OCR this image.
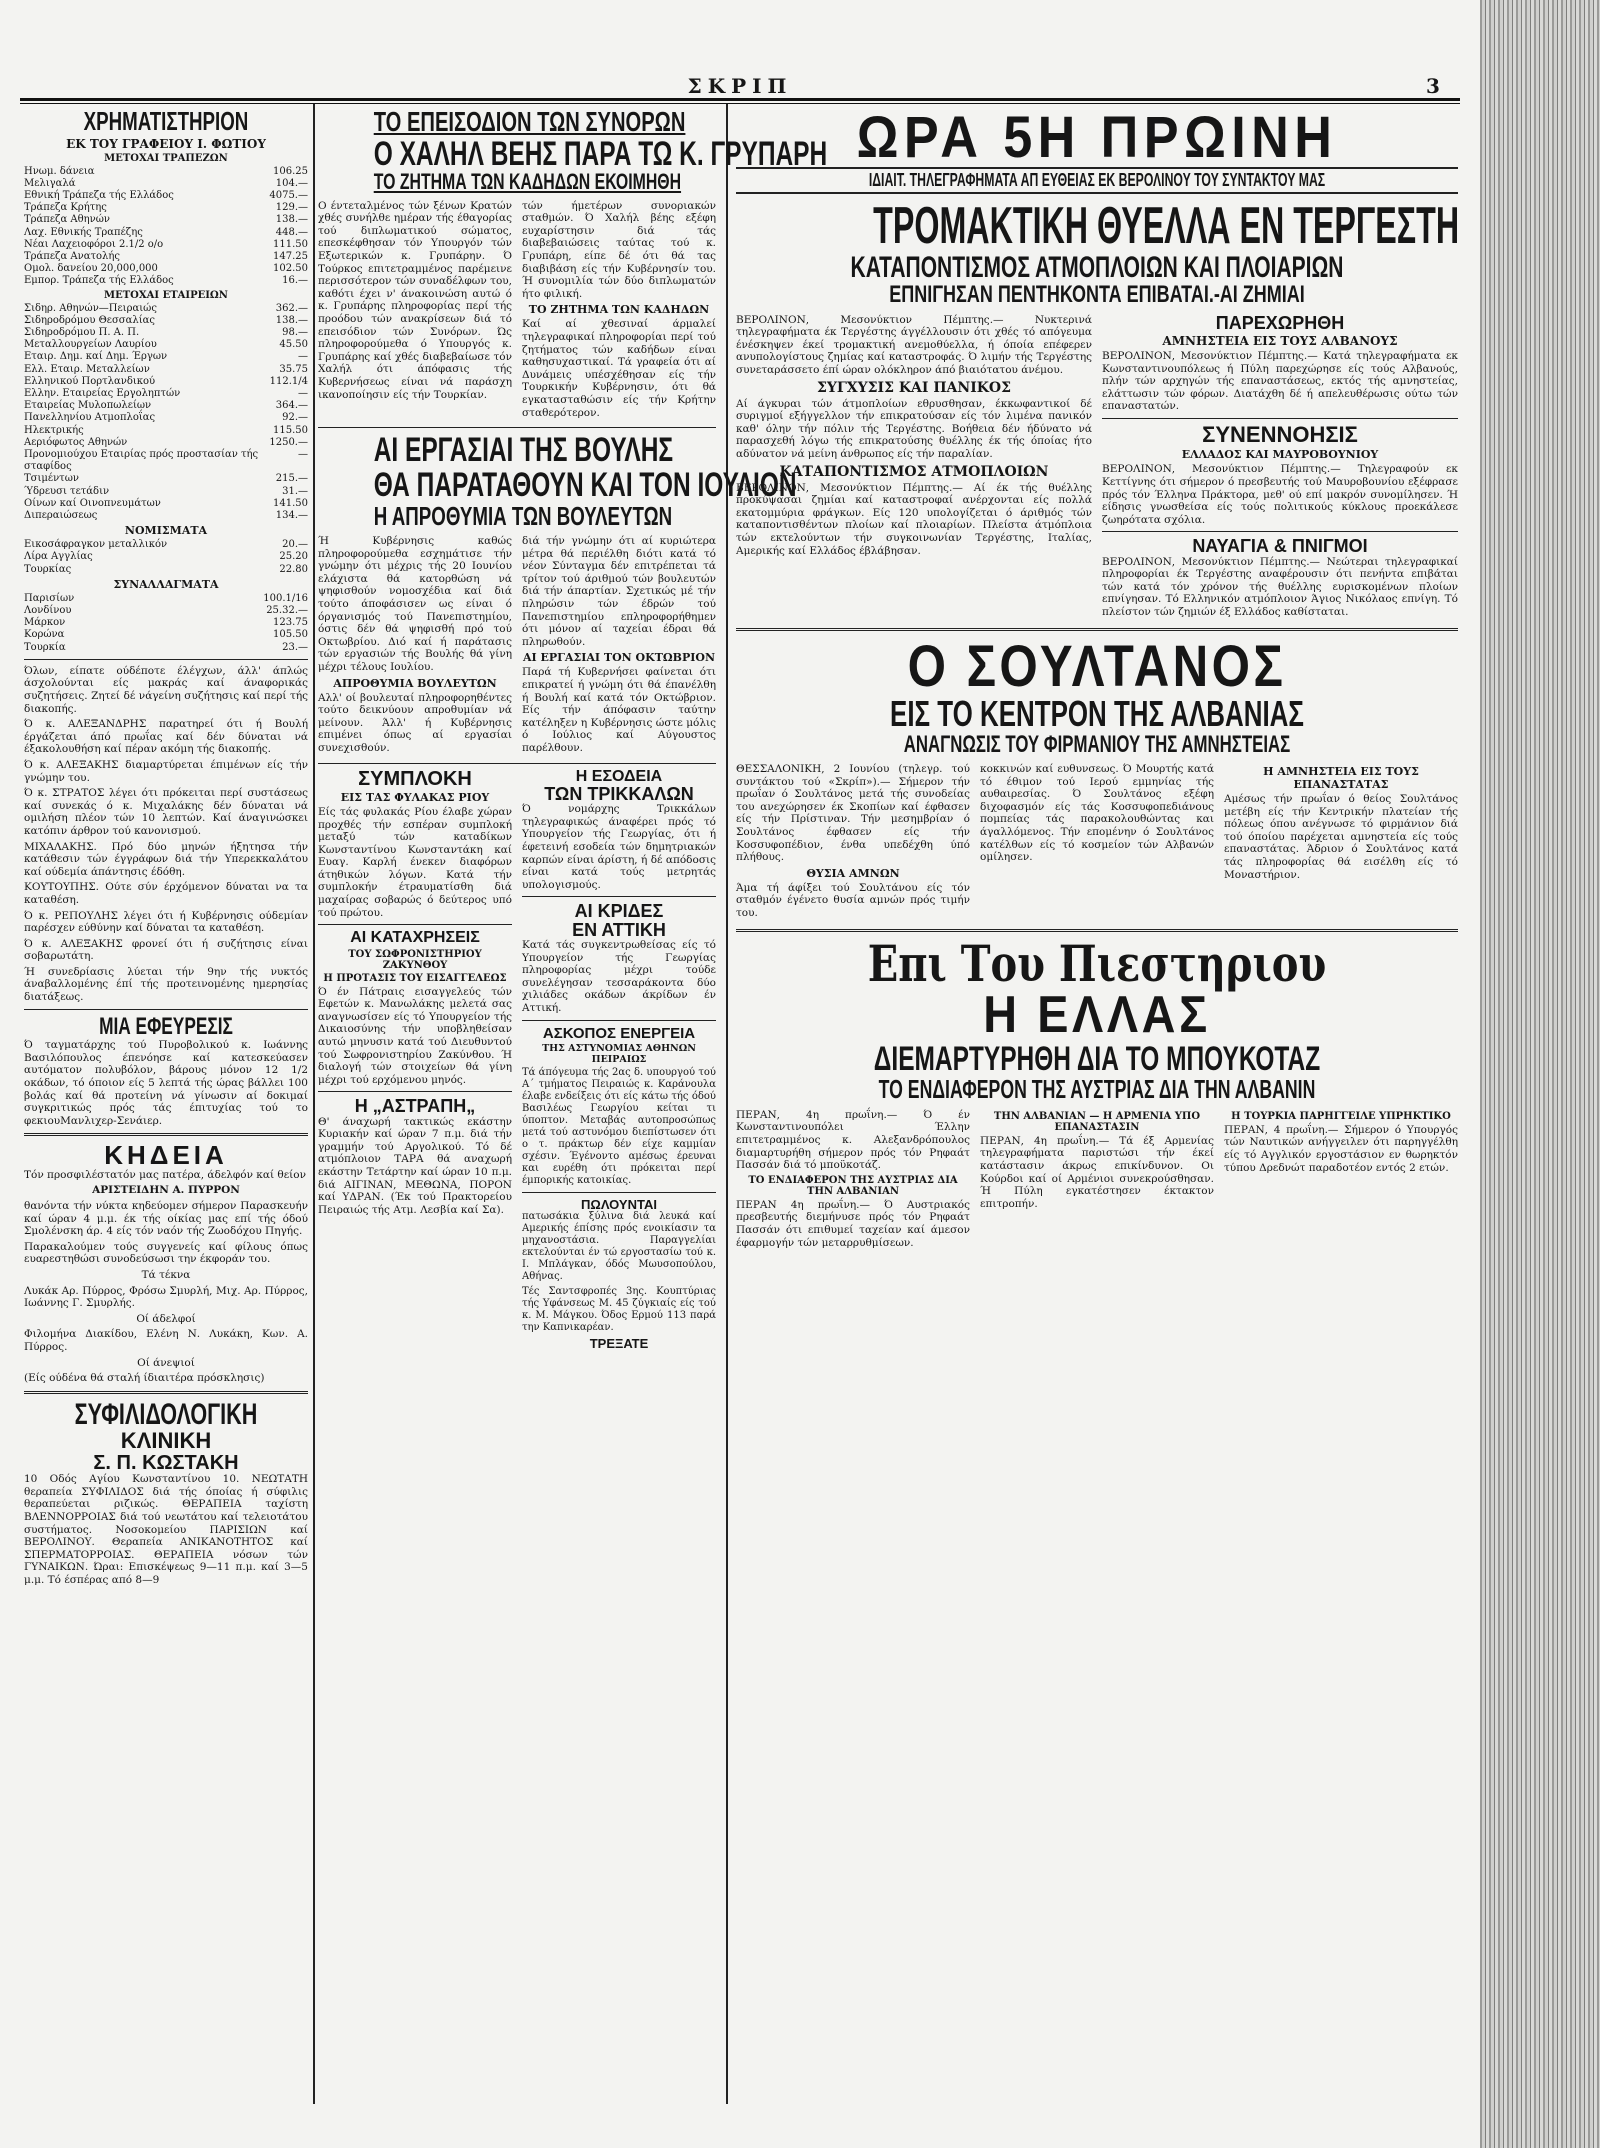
ΣΚΡΙΠ	3
ΧΡΗΜΑΤΙΣΤΗΡΙΟΝ
ΕΚ ΤΟΥ ΓΡΑΦΕΙΟΥ Ι. ΦΩΤΙΟΥ
ΜΕΤΟΧΑΙ ΤΡΑΠΕΖΩΝ
Ηνωμ. δάνεια	106.25
Μελιγαλά	104.—
Εθνική Τράπεζα τής Ελλάδος	4075.—
Τράπεζα Κρήτης	129.—
Τράπεζα Αθηνών	138.—
Λαχ. Εθνικής Τραπέζης	448.—
Νέαι Λαχειοφόροι 2.1/2 ο/ο	111.50
Τράπεζα Ανατολής	147.25
Ομολ. δανείου 20,000,000	102.50
Εμπορ. Τράπεζα τής Ελλάδος	16.—
ΜΕΤΟΧΑΙ ΕΤΑΙΡΕΙΩΝ
Σιδηρ. Αθηνών—Πειραιώς	362.—
Σιδηροδρόμου Θεσσαλίας	138.—
Σιδηροδρόμου Π. Α. Π.	98.—
Μεταλλουργείων Λαυρίου	45.50
Εταιρ. Δημ. καί Δημ. Έργων	—
Ελλ. Εταιρ. Μεταλλείων	35.75
Ελληνικού Πορτλανδικού	112.1/4
Ελλην. Εταιρείας Εργοληπτών	—
Εταιρείας Μυλοπωλείων	364.—
Πανελληνίου Ατμοπλοΐας	92.—
Ηλεκτρικής	115.50
Αεριόφωτος Αθηνών	1250.—
Προνομιούχου Εταιρίας πρός προστασίαν τής σταφίδος
—
Τσιμέντων	215.—
Ύδρευσι τετάδιν	31.—
Οίνων καί Οινοπνευμάτων	141.50
Διπεραιώσεως	134.—
ΝΟΜΙΣΜΑΤΑ
Εικοσάφραγκον μεταλλικόν	20.—
Λίρα Αγγλίας	25.20
Τουρκίας	22.80
ΣΥΝΑΛΛΑΓΜΑΤΑ
Παρισίων	100.1/16
Λονδίνου	25.32.—
Μάρκον	123.75
Κορώνα	105.50
Τουρκία	23.—

Όλων, είπατε ούδέποτε έλέγχων, άλλ' άπλώς άσχολούνται είς μακράς καί άναφορικάς συζητήσεις. Ζητεί δέ νάγείνη συζήτησις καί περί τής διακοπής.

Ό κ. ΑΛΕΞΑΝΔΡΗΣ παρατηρεί ότι ή Βουλή έργάζεται άπό πρωΐας καί δέν δύναται νά έξακολουθήση καί πέραν ακόμη τής διακοπής.

Ό κ. ΑΛΕΞΑΚΗΣ διαμαρτύρεται έπιμένων είς τήν γνώμην του.

Ό κ. ΣΤΡΑΤΟΣ λέγει ότι πρόκειται περί συστάσεως καί συνεκάς ό κ. Μιχαλάκης δέν δύναται νά ομιλήση πλέον τών 10 λεπτών. Καί άναγινώσκει κατόπιν άρθρον τού κανονισμού.

ΜΙΧΑΛΑΚΗΣ. Πρό δύο μηνών ήξητησα τήν κατάθεσιν τών έγγράφων διά τήν Υπερεκκαλάτου καί ούδεμία άπάντησις έδόθη.

ΚΟΥΤΟΥΠΗΣ. Ούτε σύν έρχόμενον δύναται να τα καταθέση.

Ό κ. ΡΕΠΟΥΛΗΣ λέγει ότι ή Κυβέρνησις ούδεμίαν παρέσχεν εύθύνην καί δύναται τα καταθέση.

Ό κ. ΑΛΕΞΑΚΗΣ φρονεί ότι ή συζήτησις είναι σοβαρωτάτη.

Ή συνεδρίασις λύεται τήν 9ην τής νυκτός άναβαλλομένης έπί τής προτεινομένης ημερησίας διατάξεως.

ΜΙΑ ΕΦΕΥΡΕΣΙΣ

Ό ταγματάρχης τού Πυροβολικού κ. Ιωάννης Βασιλόπουλος έπενόησε καί κατεσκεύασεν αυτόματον πολυβόλον, βάρους μόνον 12 1/2 οκάδων, τό όποιον είς 5 λεπτά τής ώρας βάλλει 100 βολάς καί θά προτείνη νά γίνωσιν αί δοκιμαί συγκριτικώς πρός τάς έπιτυχίας τού το φεκιουΜανλιχερ-Σενάιερ.

ΚΗΔΕΙΑ

Τόν προσφιλέστατόν μας πατέρα, άδελφόν καί θείον

ΑΡΙΣΤΕΙΔΗΝ Α. ΠΥΡΡΟΝ

θανόντα τήν νύκτα κηδεύομεν σήμερον Παρασκευήν καί ώραν 4 μ.μ. έκ τής οίκίας μας επί τής όδού Σμολένσκη άρ. 4 είς τόν ναόν τής Ζωοδόχου Πηγής.

Παρακαλούμεν τούς συγγενείς καί φίλους όπως ευαρεστηθώσι συνοδεύσωσι την έκφοράν του.

Τά τέκνα

Λυκάκ Αρ. Πύρρος, Φρόσω Σμυρλή, Μιχ. Αρ. Πύρρος, Ιωάννης Γ. Σμυρλής.

Οί άδελφοί

Φιλομήνα Διακίδου, Ελένη Ν. Λυκάκη, Κων. Α. Πύρρος.

Οί άνεψιοί

(Είς ούδένα θά σταλή ίδιαιτέρα πρόσκλησις)

ΣΥΦΙΛΙΔΟΛΟΓΙΚΗ
ΚΛΙΝΙΚΗ
Σ. Π. ΚΩΣΤΑΚΗ

10 Οδός Αγίου Κωνσταντίνου 10. ΝΕΩΤΑΤΗ θεραπεία ΣΥΦΙΛΙΔΟΣ διά τής όποίας ή σύφιλις θεραπεύεται ριζικώς. ΘΕΡΑΠΕΙΑ ταχίστη ΒΛΕΝΝΟΡΡΟΙΑΣ διά τού νεωτάτου καί τελειοτάτου συστήματος. Νοσοκομείου ΠΑΡΙΣΙΩΝ καί ΒΕΡΟΛΙΝΟΥ. Θεραπεία ΑΝΙΚΑΝΟΤΗΤΟΣ καί ΣΠΕΡΜΑΤΟΡΡΟΙΑΣ. ΘΕΡΑΠΕΙΑ νόσων τών ΓΥΝΑΙΚΩΝ. Ώραι: Επισκέψεως 9—11 π.μ. καί 3—5 μ.μ. Τό έσπέρας από 8—9

ΤΟ ΕΠΕΙΣΟΔΙΟΝ ΤΩΝ ΣΥΝΟΡΩΝ
Ο ΧΑΛΗΛ ΒΕΗΣ ΠΑΡΑ ΤΩ Κ. ΓΡΥΠΑΡΗ
ΤΟ ΖΗΤΗΜΑ ΤΩΝ ΚΑΔΗΔΩΝ ΕΚΟΙΜΗΘΗ

Ο έντεταλμένος τών ξένων Κρατών χθές συνήλθε ημέραν τής έθαγορίας τού διπλωματικού σώματος, επεσκέφθησαν τόν Υπουργόν τών Εξωτερικών κ. Γρυπάρην. Ό Τούρκος επιτετραμμένος παρέμεινε περισσότερον τών συναδέλφων του, καθότι έχει ν' άνακοινώση αυτώ ό κ. Γρυπάρης πληροφορίας περί τής προόδου τών ανακρίσεων διά τό επεισόδιον τών Συνόρων. Ώς πληροφορούμεθα ό Υπουργός κ. Γρυπάρης καί χθές διαβεβαίωσε τόν Χαλήλ ότι άπόφασις τής Κυβερνήσεως είναι νά παράσχη ικανοποίησιν είς τήν Τουρκίαν.

τών ήμετέρων συνοριακών σταθμών. Ό Χαλήλ βέης εξέφη ευχαρίστησιν διά τάς διαβεβαιώσεις ταύτας τού κ. Γρυπάρη, είπε δέ ότι θά τας διαβιβάση είς τήν Κυβέρνησίν του. Ή συνομιλία τών δύο διπλωματών ήτο φιλική.

ΤΟ ΖΗΤΗΜΑ ΤΩΝ ΚΑΔΗΔΩΝ

Καί αί χθεσιναί άρμαλεί τηλεγραφικαί πληροφορίαι περί τού ζητήματος τών καδήδων είναι καθησυχαστικαί. Τά γραφεία ότι αί Δυνάμεις υπέσχέθησαν είς τήν Τουρκικήν Κυβέρνησιν, ότι θά εγκατασταθώσιν είς τήν Κρήτην σταθερότερον.

ΑΙ ΕΡΓΑΣΙΑΙ ΤΗΣ ΒΟΥΛΗΣ
ΘΑ ΠΑΡΑΤΑΘΟΥΝ ΚΑΙ ΤΟΝ ΙΟΥΛΙΟΝ
Η ΑΠΡΟΘΥΜΙΑ ΤΩΝ ΒΟΥΛΕΥΤΩΝ

Ή Κυβέρνησις καθώς πληροφορούμεθα εσχημάτισε τήν γνώμην ότι μέχρις τής 20 Ιουνίου ελάχιστα θά κατορθώση νά ψηφισθούν νομοσχέδια καί διά τούτο άποφάσισεν ως είναι ό όργανισμός τού Πανεπιστημίου, όστις δέν θά ψηφισθή πρό τού Οκτωβρίου. Διό καί ή παράτασις τών εργασιών τής Βουλής θά γίνη μέχρι τέλους Ιουλίου.

ΑΠΡΟΘΥΜΙΑ ΒΟΥΛΕΥΤΩΝ

Αλλ' οί βουλευταί πληροφορηθέντες τούτο δεικνύουν απροθυμίαν νά μείνουν. Άλλ' ή Κυβέρνησις επιμένει όπως αί εργασίαι συνεχισθούν.

διά τήν γνώμην ότι αί κυριώτερα μέτρα θά περιέλθη διότι κατά τό νέον Σύνταγμα δέν επιτρέπεται τά τρίτον τού άριθμού τών βουλευτών διά τήν άπαρτίαν. Σχετικώς μέ τήν πληρώσιν τών έδρών τού Πανεπιστημίου επληροφορήθημεν ότι μόνον αί ταχείαι έδραι θά πληρωθούν.

ΑΙ ΕΡΓΑΣΙΑΙ ΤΟΝ ΟΚΤΩΒΡΙΟΝ

Παρά τή Κυβερνήσει φαίνεται ότι επικρατεί ή γνώμη ότι θά έπανέλθη ή Βουλή καί κατά τόν Οκτώβριον. Είς τήν άπόφασιν ταύτην κατέληξεν η Κυβέρνησις ώστε μόλις ό Ιούλιος καί Αύγουστος παρέλθουν.

ΣΥΜΠΛΟΚΗ
ΕΙΣ ΤΑΣ ΦΥΛΑΚΑΣ ΡΙΟΥ

Είς τάς φυλακάς Ρίου έλαβε χώραν προχθές τήν εσπέραν συμπλοκή μεταξύ τών καταδίκων Κωνσταντίνου Κωνσταντάκη καί Ευαγ. Καρλή ένεκεν διαφόρων άτηθικών λόγων. Κατά τήν συμπλοκήν έτραυματίσθη διά μαχαίρας σοβαρώς ό δεύτερος υπό τού πρώτου.

ΑΙ ΚΑΤΑΧΡΗΣΕΙΣ
ΤΟΥ ΣΩΦΡΟΝΙΣΤΗΡΙΟΥ ΖΑΚΥΝΘΟΥ
Η ΠΡΟΤΑΣΙΣ ΤΟΥ ΕΙΣΑΓΓΕΛΕΩΣ

Ό έν Πάτραις εισαγγελεύς τών Εφετών κ. Μανωλάκης μελετά σας αναγνωσίσεν είς τό Υπουργείον τής Δικαιοσύνης τήν υποβληθείσαν αυτώ μηνυσιν κατά τού Διευθυντού τού Σωφρονιστηρίου Ζακύνθου. Ή διαλογή τών στοιχείων θά γίνη μέχρι τού ερχόμενου μηνός.

Η „ΑΣΤΡΑΠΗ„

Θ' άναχωρή τακτικώς εκάστην Κυριακήν καί ώραν 7 π.μ. διά τήν γραμμήν τού Αργολικού. Τό δέ ατμόπλοιον ΤΑΡΑ θά αναχωρή εκάστην Τετάρτην καί ώραν 10 π.μ. διά ΑΙΓΙΝΑΝ, ΜΕΘΩΝΑ, ΠΟΡΟΝ καί ΥΔΡΑΝ. (Έκ τού Πρακτορείου Πειραιώς τής Ατμ. Λεσβία καί Σα).

Η ΕΣΟΔΕΙΑ
ΤΩΝ ΤΡΙΚΚΑΛΩΝ

Ό νομάρχης Τρικκάλων τηλεγραφικώς άναφέρει πρός τό Υπουργείον τής Γεωργίας, ότι ή έφετεινή εσοδεία τών δημητριακών καρπών είναι άρίστη, ή δέ απόδοσις είναι κατά τούς μετρητάς υπολογισμούς.

ΑΙ ΚΡΙΔΕΣ
ΕΝ ΑΤΤΙΚΗ

Κατά τάς συγκεντρωθείσας είς τό Υπουργείον τής Γεωργίας πληροφορίας μέχρι τούδε συνελέγησαν τεσσαράκοντα δύο χιλιάδες οκάδων άκρίδων έν Αττική.

ΑΣΚΟΠΟΣ ΕΝΕΡΓΕΙΑ
ΤΗΣ ΑΣΤΥΝΟΜΙΑΣ ΑΘΗΝΩΝ ΠΕΙΡΑΙΩΣ

Τά άπόγευμα τής 2ας δ. υπουργού τού Α΄ τμήματος Πειραιώς κ. Καράνουλα έλαβε ενδείξεις ότι είς κάτω τής όδού Βασιλέως Γεωργίου κείται τι ύποπτον. Μεταβάς αυτοπροσώπως μετά τού αστυνόμου διεπίστωσεν ότι ο τ. πράκτωρ δέν είχε καμμίαν σχέσιν. Έγένοντο αμέσως έρευναι και ευρέθη ότι πρόκειται περί έμπορικής κατοικίας.

ΠΩΛΟΥΝΤΑΙ

πατωσάκια ξύλινα διά λευκά καί Αμερικής έπίσης πρός ενοικίασιν τα μηχανοστάσια. Παραγγελίαι εκτελούνται έν τώ εργοστασίω τού κ. Ι. Μπλάγκαν, όδός Μωυσοπούλου, Αθήνας.

Τές Σαντσφροπές 3ης. Κουπτύριας τής Υφάνσεως Μ. 45 ζύγκιαίς είς τού κ. Μ. Μάγκου. Όδος Ερμού 113 παρά την Καπνικαρέαν.

ΤΡΕΞΑΤΕ
ΩΡΑ 5Η ΠΡΩΙΝΗ
ΙΔΙΑΙΤ. ΤΗΛΕΓΡΑΦΗΜΑΤΑ ΑΠ ΕΥΘΕΙΑΣ ΕΚ ΒΕΡΟΛΙΝΟΥ ΤΟΥ ΣΥΝΤΑΚΤΟΥ ΜΑΣ
ΤΡΟΜΑΚΤΙΚΗ ΘΥΕΛΛΑ ΕΝ ΤΕΡΓΕΣΤΗ
ΚΑΤΑΠΟΝΤΙΣΜΟΣ ΑΤΜΟΠΛΟΙΩΝ ΚΑΙ ΠΛΟΙΑΡΙΩΝ
ΕΠΝΙΓΗΣΑΝ ΠΕΝΤΗΚΟΝΤΑ ΕΠΙΒΑΤΑΙ.-ΑΙ ΖΗΜΙΑΙ

ΒΕΡΟΛΙΝΟΝ, Μεσονύκτιον Πέμπτης.— Νυκτερινά τηλεγραφήματα έκ Τεργέστης άγγέλλουσιν ότι χθές τό απόγευμα ένέσκηψεν έκεί τρομακτική ανεμοθύελλα, ή όποία επέφερεν ανυπολογίστους ζημίας καί καταστροφάς. Ό λιμήν τής Τεργέστης συνεταράσσετο έπί ώραν ολόκληρον άπό βιαιότατου άνέμου.

ΣΥΓΧΥΣΙΣ ΚΑΙ ΠΑΝΙΚΟΣ

Αί άγκυραι τών άτμοπλοίων εθρυσθησαν, έκκωφαντικοί δέ συριγμοί εξήγγελλον τήν επικρατούσαν είς τόν λιμένα πανικόν καθ' όλην τήν πόλιν τής Τεργέστης. Βοήθεια δέν ήδύνατο νά παρασχεθή λόγω τής επικρατούσης θυέλλης έκ τής όποίας ήτο αδύνατον νά μείνη άνθρωπος είς τήν παραλίαν.

ΚΑΤΑΠΟΝΤΙΣΜΟΣ ΑΤΜΟΠΛΟΙΩΝ

ΒΕΡΟΛΙΝΟΝ, Μεσονύκτιον Πέμπτης.— Αί έκ τής θυέλλης προκύψασαι ζημίαι καί καταστροφαί ανέρχονται είς πολλά εκατομμύρια φράγκων. Είς 120 υπολογίζεται ό άριθμός τών καταποντισθέντων πλοίων καί πλοιαρίων. Πλείστα άτμόπλοια τών εκτελούντων τήν συγκοινωνίαν Τεργέστης, Ιταλίας, Αμερικής καί Ελλάδος έβλάβησαν.

ΠΑΡΕΧΩΡΗΘΗ
ΑΜΝΗΣΤΕΙΑ ΕΙΣ ΤΟΥΣ ΑΛΒΑΝΟΥΣ

ΒΕΡΟΛΙΝΟΝ, Μεσονύκτιον Πέμπτης.— Κατά τηλεγραφήματα εκ Κωνσταντινουπόλεως ή Πύλη παρεχώρησε είς τούς Αλβανούς, πλήν τών αρχηγών τής επαναστάσεως, εκτός τής αμνηστείας, ελάττωσιν τών φόρων. Διατάχθη δέ ή απελευθέρωσις ούτω τών επαναστατών.

ΣΥΝΕΝΝΟΗΣΙΣ
ΕΛΛΑΔΟΣ ΚΑΙ ΜΑΥΡΟΒΟΥΝΙΟΥ

ΒΕΡΟΛΙΝΟΝ, Μεσονύκτιον Πέμπτης.— Τηλεγραφούν εκ Κεττίγνης ότι σήμερον ό πρεσβευτής τού Μαυροβουνίου εξέφρασε πρός τόν Έλληνα Πράκτορα, μεθ' ού επί μακρόν συνομίλησεν. Ή είδησις γνωσθείσα είς τούς πολιτικούς κύκλους προεκάλεσε ζωηρότατα σχόλια.

ΝΑΥΑΓΙΑ & ΠΝΙΓΜΟΙ

ΒΕΡΟΛΙΝΟΝ, Μεσονύκτιον Πέμπτης.— Νεώτεραι τηλεγραφικαί πληροφορίαι έκ Τεργέστης αναφέρουσιν ότι πενήντα επιβάται τών κατά τόν χρόνον τής θυέλλης ευρισκομένων πλοίων επνίγησαν. Τό Ελληνικόν ατμόπλοιον Άγιος Νικόλαος επνίγη. Τό πλείστον τών ζημιών έξ Ελλάδος καθίσταται.

Ο ΣΟΥΛΤΑΝΟΣ
ΕΙΣ ΤΟ ΚΕΝΤΡΟΝ ΤΗΣ ΑΛΒΑΝΙΑΣ
ΑΝΑΓΝΩΣΙΣ ΤΟΥ ΦΙΡΜΑΝΙΟΥ ΤΗΣ ΑΜΝΗΣΤΕΙΑΣ

ΘΕΣΣΑΛΟΝΙΚΗ, 2 Ιουνίου (τηλεγρ. τού συντάκτου τού «Σκρίπ»).— Σήμερον τήν πρωΐαν ό Σουλτάνος μετά τής συνοδείας του ανεχώρησεν έκ Σκοπίων καί έφθασεν είς τήν Πρίστιναν. Τήν μεσημβρίαν ό Σουλτάνος έφθασεν είς τήν Κοσσυφοπέδιον, ένθα υπεδέχθη ύπό πλήθους.

ΘΥΣΙΑ ΑΜΝΩΝ

Άμα τή άφίξει τού Σουλτάνου είς τόν σταθμόν έγένετο θυσία αμνών πρός τιμήν του.

κοκκινών καί ευθυνσεως. Ό Μουρτής κατά τό έθιμον τού Ιερού εμμηνίας τής αυθαιρεσίας. Ό Σουλτάνος εξέφη διχοφασμόν είς τάς Κοσσυφοπεδιάνους πομπείας τάς παρακολουθώντας και άγαλλόμενος. Τήν επομένην ό Σουλτάνος κατέλθων είς τό κοσμείον τών Αλβανών ομίλησεν.

Η ΑΜΝΗΣΤΕΙΑ ΕΙΣ ΤΟΥΣ ΕΠΑΝΑΣΤΑΤΑΣ

Αμέσως τήν πρωΐαν ό θείος Σουλτάνος μετέβη είς τήν Κεντρικήν πλατείαν τής πόλεως όπου ανέγνωσε τό φιρμάνιον διά τού όποίου παρέχεται αμνηστεία είς τούς επαναστάτας. Άδριον ό Σουλτάνος κατά τάς πληροφορίας θά εισέλθη είς τό Μοναστήριον.

Επι Του Πιεστηριου
Η ΕΛΛΑΣ
ΔΙΕΜΑΡΤΥΡΗΘΗ ΔΙΑ ΤΟ ΜΠΟΥΚΟΤΑΖ
ΤΟ ΕΝΔΙΑΦΕΡΟΝ ΤΗΣ ΑΥΣΤΡΙΑΣ ΔΙΑ ΤΗΝ ΑΛΒΑΝΙΝ

ΠΕΡΑΝ, 4η πρωΐνη.— Ό έν Κωνσταντινουπόλει Έλλην επιτετραμμένος κ. Αλεξανδρόπουλος διαμαρτυρήθη σήμερον πρός τόν Ρηφαάτ Πασσάν διά τό μποϋκοτάζ.

ΤΟ ΕΝΔΙΑΦΕΡΟΝ ΤΗΣ ΑΥΣΤΡΙΑΣ ΔΙΑ ΤΗΝ ΑΛΒΑΝΙΑΝ

ΠΕΡΑΝ 4η πρωΐνη.— Ό Αυστριακός πρεσβευτής διεμήνυσε πρός τόν Ρηφαάτ Πασσάν ότι επιθυμεί ταχείαν καί άμεσον έφαρμογήν τών μεταρρυθμίσεων.

ΤΗΝ ΑΛΒΑΝΙΑΝ — Η ΑΡΜΕΝΙΑ ΥΠΟ ΕΠΑΝΑΣΤΑΣΙΝ

ΠΕΡΑΝ, 4η πρωΐνη.— Τά έξ Αρμενίας τηλεγραφήματα παριστώσι τήν έκεί κατάστασιν άκρως επικίνδυνον. Οι Κούρδοι καί οί Αρμένιοι συνεκρούσθησαν. Ή Πύλη εγκατέστησεν έκτακτον επιτροπήν.

Η ΤΟΥΡΚΙΑ ΠΑΡΗΓΓΕΙΛΕ ΥΠΡΗΚΤΙΚΟ

ΠΕΡΑΝ, 4 πρωΐνη.— Σήμερον ό Υπουργός τών Ναυτικών ανήγγειλεν ότι παρηγγέλθη είς τό Αγγλικόν εργοστάσιον εν θωρηκτόν τύπου Δρεδνώτ παραδοτέον εντός 2 ετών.
